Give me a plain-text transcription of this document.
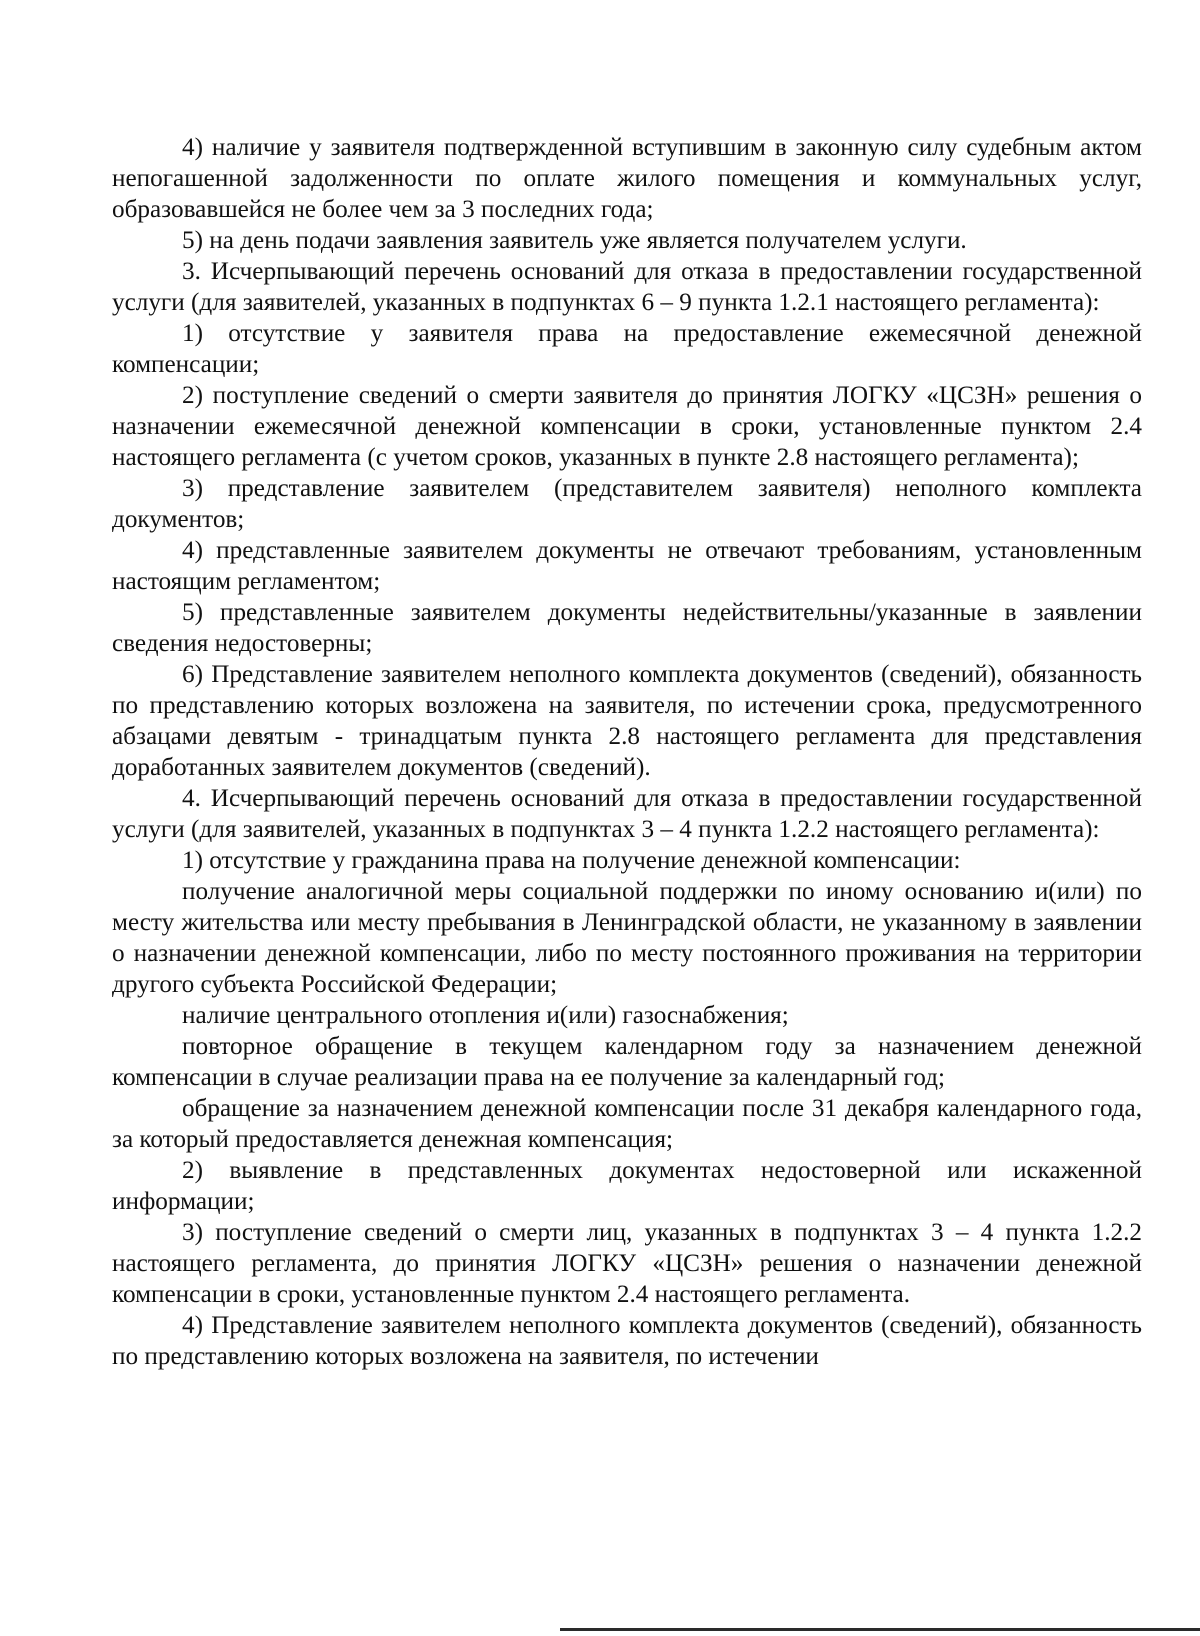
4) наличие у заявителя подтвержденной вступившим в законную силу судебным актом непогашенной задолженности по оплате жилого помещения и коммунальных услуг, образовавшейся не более чем за 3 последних года;

5) на день подачи заявления заявитель уже является получателем услуги.

3. Исчерпывающий перечень оснований для отказа в предоставлении государственной услуги (для заявителей, указанных в подпунктах 6 – 9 пункта 1.2.1 настоящего регламента):

1) отсутствие у заявителя права на предоставление ежемесячной денежной компенсации;

2) поступление сведений о смерти заявителя до принятия ЛОГКУ «ЦСЗН» решения о назначении ежемесячной денежной компенсации в сроки, установленные пунктом 2.4 настоящего регламента (с учетом сроков, указанных в пункте 2.8 настоящего регламента);

3) представление заявителем (представителем заявителя) неполного комплекта документов;

4) представленные заявителем документы не отвечают требованиям, установленным настоящим регламентом;

5) представленные заявителем документы недействительны/указанные в заявлении сведения недостоверны;

6) Представление заявителем неполного комплекта документов (сведений), обязанность по представлению которых возложена на заявителя, по истечении срока, предусмотренного абзацами девятым - тринадцатым пункта 2.8 настоящего регламента для представления доработанных заявителем документов (сведений).

4. Исчерпывающий перечень оснований для отказа в предоставлении государственной услуги (для заявителей, указанных в подпунктах 3 – 4 пункта 1.2.2 настоящего регламента):

1) отсутствие у гражданина права на получение денежной компенсации:

получение аналогичной меры социальной поддержки по иному основанию и(или) по месту жительства или месту пребывания в Ленинградской области, не указанному в заявлении о назначении денежной компенсации, либо по месту постоянного проживания на территории другого субъекта Российской Федерации;

наличие центрального отопления и(или) газоснабжения;

повторное обращение в текущем календарном году за назначением денежной компенсации в случае реализации права на ее получение за календарный год;

обращение за назначением денежной компенсации после 31 декабря календарного года, за который предоставляется денежная компенсация;

2) выявление в представленных документах недостоверной или искаженной информации;

3) поступление сведений о смерти лиц, указанных в подпунктах 3 – 4 пункта 1.2.2 настоящего регламента, до принятия ЛОГКУ «ЦСЗН» решения о назначении денежной компенсации в сроки, установленные пунктом 2.4 настоящего регламента.

4) Представление заявителем неполного комплекта документов (сведений), обязанность по представлению которых возложена на заявителя, по истечении
